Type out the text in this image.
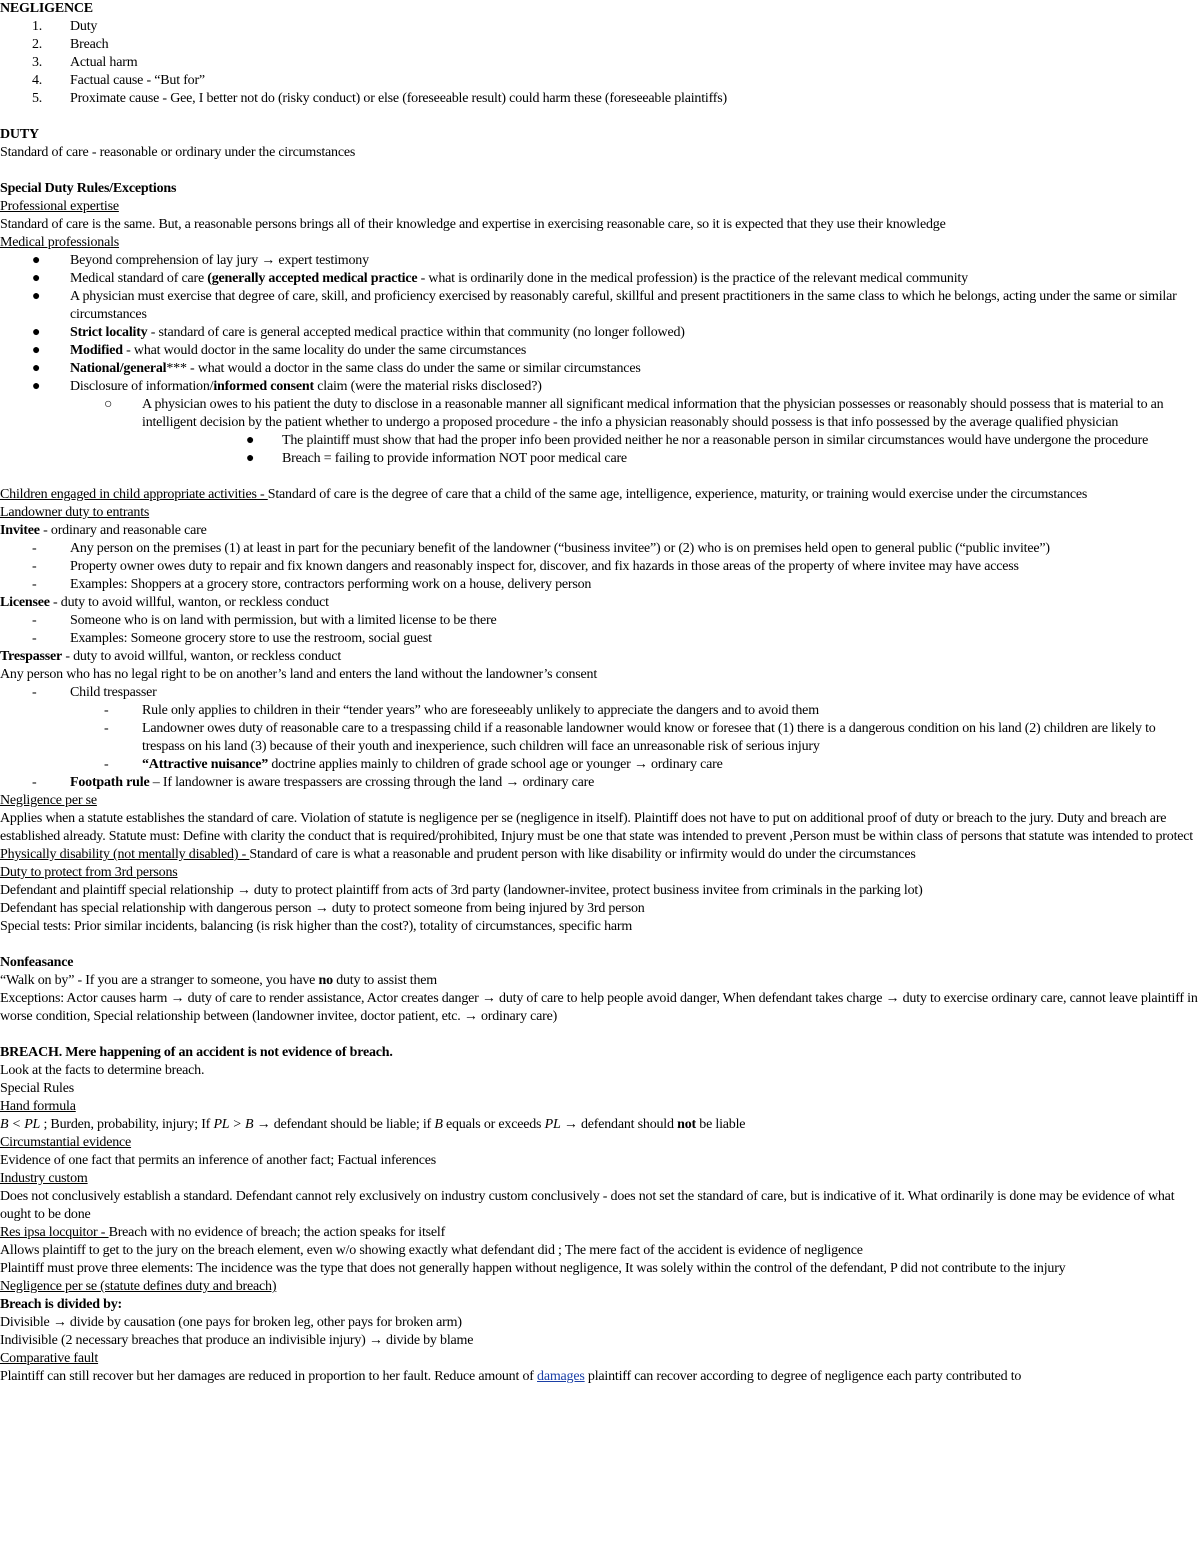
NEGLIGENCE

1.	Duty
2.	Breach
3.	Actual harm
4.	Factual cause - “But for”
5.	Proximate cause - Gee, I better not do (risky conduct) or else (foreseeable result) could harm these (foreseeable plaintiffs)

DUTY

Standard of care - reasonable or ordinary under the circumstances

Special Duty Rules/Exceptions

Professional expertise

Standard of care is the same. But, a reasonable persons brings all of their knowledge and expertise in exercising reasonable care, so it is expected that they use their knowledge

Medical professionals

●	Beyond comprehension of lay jury → expert testimony
●	Medical standard of care (generally accepted medical practice - what is ordinarily done in the medical profession) is the practice of the relevant medical community
●	A physician must exercise that degree of care, skill, and proficiency exercised by reasonably careful, skillful and present practitioners in the same class to which he belongs, acting under the same or similar circumstances
●	Strict locality - standard of care is general accepted medical practice within that community (no longer followed)
●	Modified - what would doctor in the same locality do under the same circumstances
●	National/general*** - what would a doctor in the same class do under the same or similar circumstances
●	Disclosure of information/informed consent claim (were the material risks disclosed?)
○	A physician owes to his patient the duty to disclose in a reasonable manner all significant medical information that the physician possesses or reasonably should possess that is material to an intelligent decision by the patient whether to undergo a proposed procedure - the info a physician reasonably should possess is that info possessed by the average qualified physician
●	The plaintiff must show that had the proper info been provided neither he nor a reasonable person in similar circumstances would have undergone the procedure
●	Breach = failing to provide information NOT poor medical care

Children engaged in child appropriate activities - Standard of care is the degree of care that a child of the same age, intelligence, experience, maturity, or training would exercise under the circumstances

Landowner duty to entrants

Invitee - ordinary and reasonable care

-	Any person on the premises (1) at least in part for the pecuniary benefit of the landowner (“business invitee”) or (2) who is on premises held open to general public (“public invitee”)
-	Property owner owes duty to repair and fix known dangers and reasonably inspect for, discover, and fix hazards in those areas of the property of where invitee may have access
-	Examples: Shoppers at a grocery store, contractors performing work on a house, delivery person

Licensee - duty to avoid willful, wanton, or reckless conduct

-	Someone who is on land with permission, but with a limited license to be there
-	Examples: Someone grocery store to use the restroom, social guest

Trespasser - duty to avoid willful, wanton, or reckless conduct

Any person who has no legal right to be on another’s land and enters the land without the landowner’s consent

-	Child trespasser
-	Rule only applies to children in their “tender years” who are foreseeably unlikely to appreciate the dangers and to avoid them
-	Landowner owes duty of reasonable care to a trespassing child if a reasonable landowner would know or foresee that (1) there is a dangerous condition on his land (2) children are likely to trespass on his land (3) because of their youth and inexperience, such children will face an unreasonable risk of serious injury
-	“Attractive nuisance” doctrine applies mainly to children of grade school age or younger → ordinary care
-	Footpath rule – If landowner is aware trespassers are crossing through the land → ordinary care

Negligence per se

Applies when a statute establishes the standard of care. Violation of statute is negligence per se (negligence in itself). Plaintiff does not have to put on additional proof of duty or breach to the jury. Duty and breach are established already. Statute must: Define with clarity the conduct that is required/prohibited, Injury must be one that state was intended to prevent ,Person must be within class of persons that statute was intended to protect

Physically disability (not mentally disabled) - Standard of care is what a reasonable and prudent person with like disability or infirmity would do under the circumstances

Duty to protect from 3rd persons

Defendant and plaintiff special relationship → duty to protect plaintiff from acts of 3rd party (landowner-invitee, protect business invitee from criminals in the parking lot)

Defendant has special relationship with dangerous person → duty to protect someone from being injured by 3rd person

Special tests: Prior similar incidents, balancing (is risk higher than the cost?), totality of circumstances, specific harm

Nonfeasance

“Walk on by” - If you are a stranger to someone, you have no duty to assist them

Exceptions: Actor causes harm → duty of care to render assistance, Actor creates danger → duty of care to help people avoid danger, When defendant takes charge → duty to exercise ordinary care, cannot leave plaintiff in worse condition, Special relationship between (landowner invitee, doctor patient, etc. → ordinary care)

BREACH. Mere happening of an accident is not evidence of breach.

Look at the facts to determine breach.

Special Rules

Hand formula

B < PL ; Burden, probability, injury; If PL > B → defendant should be liable; if B equals or exceeds PL → defendant should not be liable

Circumstantial evidence

Evidence of one fact that permits an inference of another fact; Factual inferences

Industry custom

Does not conclusively establish a standard. Defendant cannot rely exclusively on industry custom conclusively - does not set the standard of care, but is indicative of it. What ordinarily is done may be evidence of what ought to be done

Res ipsa locquitor - Breach with no evidence of breach; the action speaks for itself

Allows plaintiff to get to the jury on the breach element, even w/o showing exactly what defendant did ; The mere fact of the accident is evidence of negligence

Plaintiff must prove three elements: The incidence was the type that does not generally happen without negligence, It was solely within the control of the defendant, P did not contribute to the injury

Negligence per se (statute defines duty and breach)

Breach is divided by:

Divisible → divide by causation (one pays for broken leg, other pays for broken arm)

Indivisible (2 necessary breaches that produce an indivisible injury) → divide by blame

Comparative fault

Plaintiff can still recover but her damages are reduced in proportion to her fault. Reduce amount of damages plaintiff can recover according to degree of negligence each party contributed to
